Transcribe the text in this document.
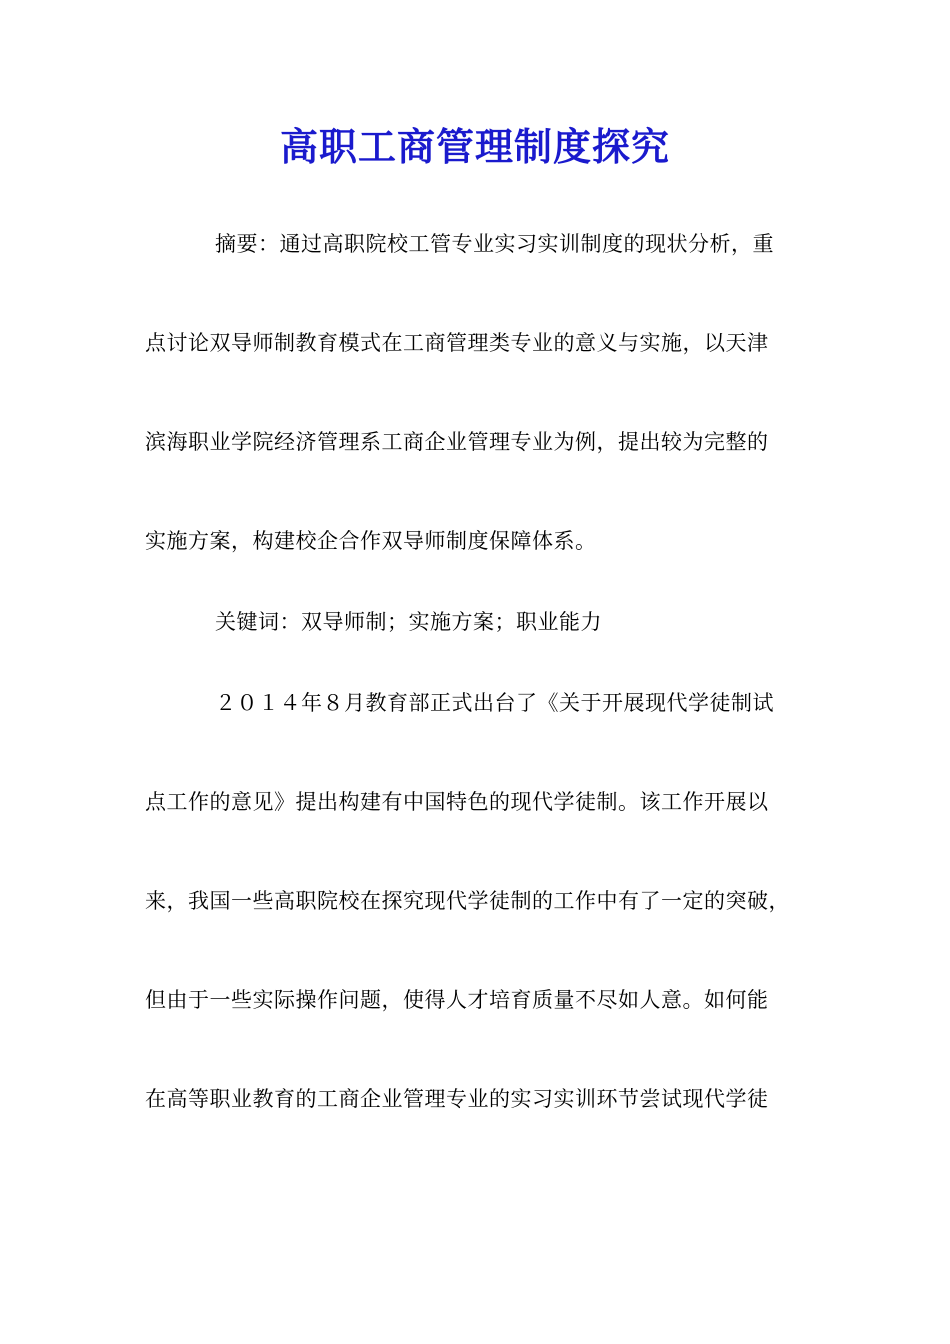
高职工商管理制度探究
摘要：通过高职院校工管专业实习实训制度的现状分析，重
点讨论双导师制教育模式在工商管理类专业的意义与实施，以天津
滨海职业学院经济管理系工商企业管理专业为例，提出较为完整的
实施方案，构建校企合作双导师制度保障体系。
关键词：双导师制；实施方案；职业能力
２０１４年８月教育部正式出台了《关于开展现代学徒制试
点工作的意见》提出构建有中国特色的现代学徒制。该工作开展以
来，我国一些高职院校在探究现代学徒制的工作中有了一定的突破，
但由于一些实际操作问题，使得人才培育质量不尽如人意。如何能
在高等职业教育的工商企业管理专业的实习实训环节尝试现代学徒
